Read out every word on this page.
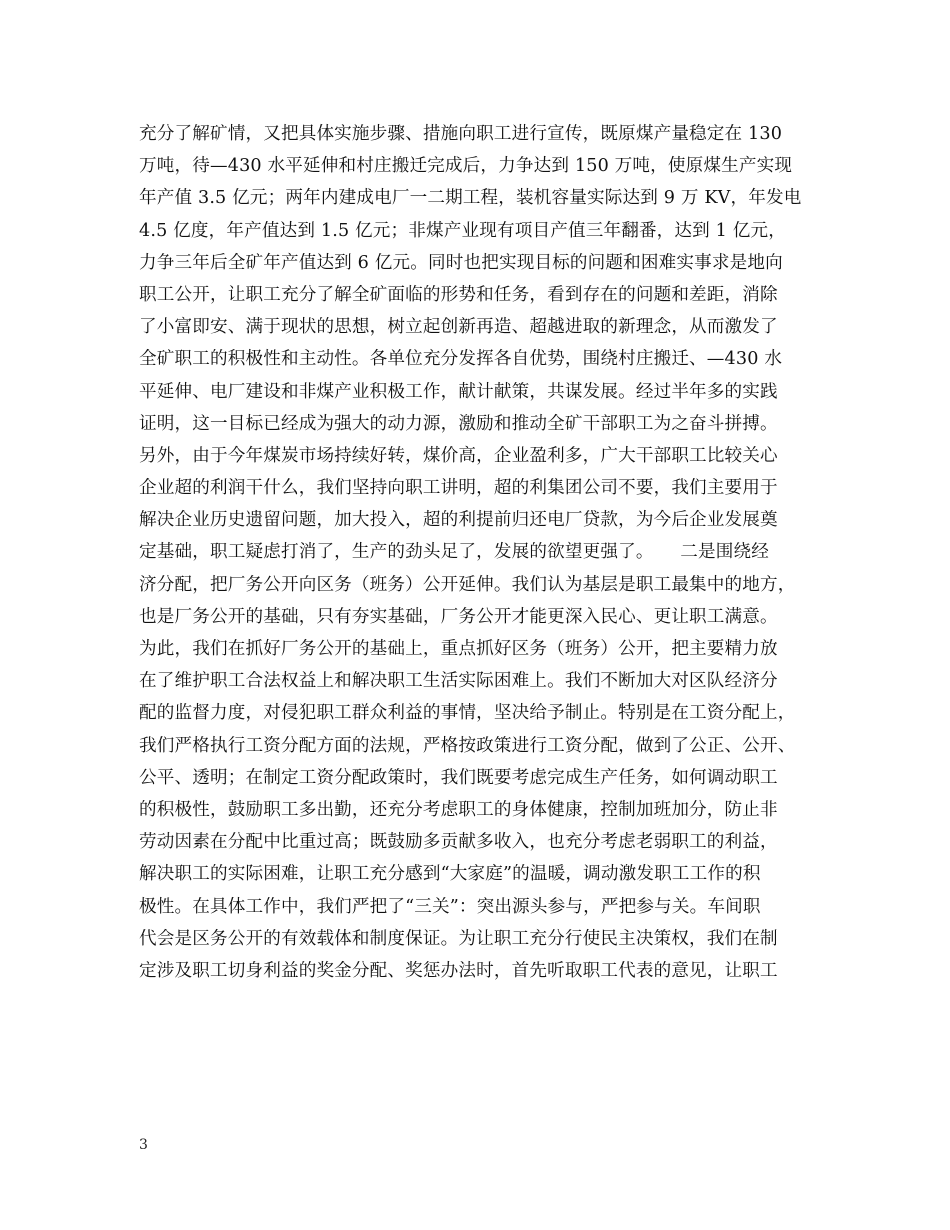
充分了解矿情，又把具体实施步骤、措施向职工进行宣传，既原煤产量稳定在 130
万吨，待—430 水平延伸和村庄搬迁完成后，力争达到 150 万吨，使原煤生产实现
年产值 3.5 亿元；两年内建成电厂一二期工程，装机容量实际达到 9 万 KV，年发电
4.5 亿度，年产值达到 1.5 亿元；非煤产业现有项目产值三年翻番，达到 1 亿元，
力争三年后全矿年产值达到 6 亿元。同时也把实现目标的问题和困难实事求是地向
职工公开，让职工充分了解全矿面临的形势和任务，看到存在的问题和差距，消除
了小富即安、满于现状的思想，树立起创新再造、超越进取的新理念，从而激发了
全矿职工的积极性和主动性。各单位充分发挥各自优势，围绕村庄搬迁、—430 水
平延伸、电厂建设和非煤产业积极工作，献计献策，共谋发展。经过半年多的实践
证明，这一目标已经成为强大的动力源，激励和推动全矿干部职工为之奋斗拼搏。
另外，由于今年煤炭市场持续好转，煤价高，企业盈利多，广大干部职工比较关心
企业超的利润干什么，我们坚持向职工讲明，超的利集团公司不要，我们主要用于
解决企业历史遗留问题，加大投入，超的利提前归还电厂贷款，为今后企业发展奠
定基础，职工疑虑打消了，生产的劲头足了，发展的欲望更强了。　　二是围绕经
济分配，把厂务公开向区务（班务）公开延伸。我们认为基层是职工最集中的地方，
也是厂务公开的基础，只有夯实基础，厂务公开才能更深入民心、更让职工满意。
为此，我们在抓好厂务公开的基础上，重点抓好区务（班务）公开，把主要精力放
在了维护职工合法权益上和解决职工生活实际困难上。我们不断加大对区队经济分
配的监督力度，对侵犯职工群众利益的事情，坚决给予制止。特别是在工资分配上，
我们严格执行工资分配方面的法规，严格按政策进行工资分配，做到了公正、公开、
公平、透明；在制定工资分配政策时，我们既要考虑完成生产任务，如何调动职工
的积极性，鼓励职工多出勤，还充分考虑职工的身体健康，控制加班加分，防止非
劳动因素在分配中比重过高；既鼓励多贡献多收入，也充分考虑老弱职工的利益，
解决职工的实际困难，让职工充分感到“大家庭”的温暖，调动激发职工工作的积
极性。在具体工作中，我们严把了“三关”：突出源头参与，严把参与关。车间职
代会是区务公开的有效载体和制度保证。为让职工充分行使民主决策权，我们在制
定涉及职工切身利益的奖金分配、奖惩办法时，首先听取职工代表的意见，让职工
3
